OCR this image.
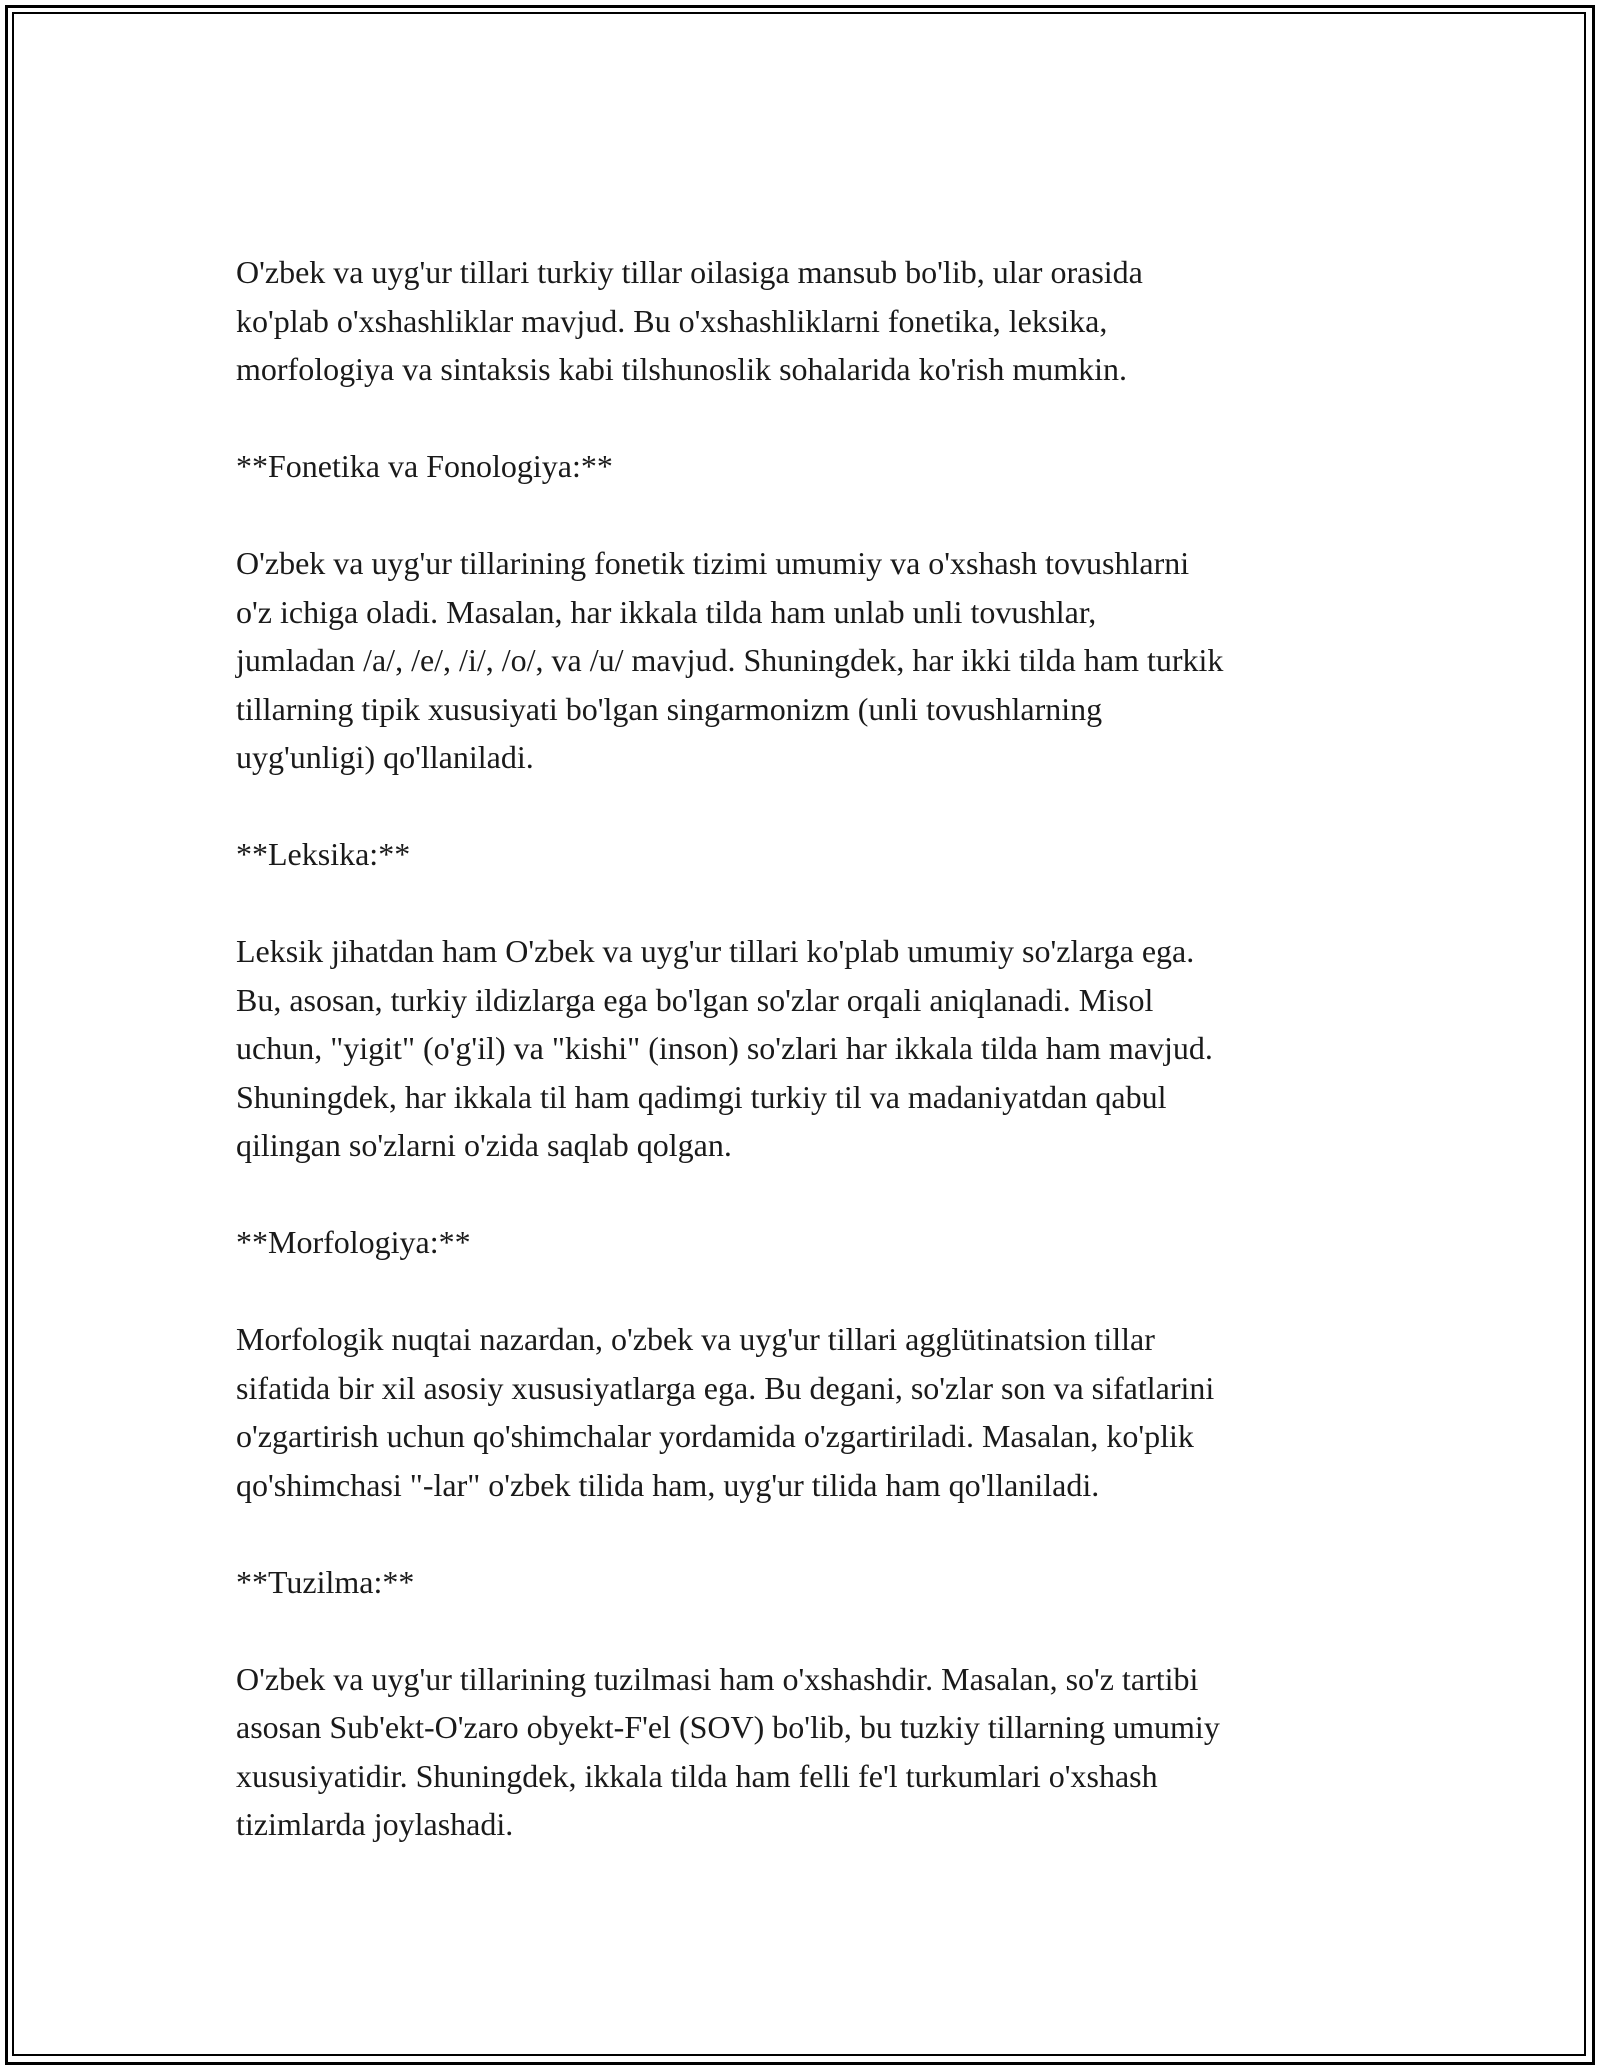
O'zbek va uyg'ur tillari turkiy tillar oilasiga mansub bo'lib, ular orasida
ko'plab o'xshashliklar mavjud. Bu o'xshashliklarni fonetika, leksika,
morfologiya va sintaksis kabi tilshunoslik sohalarida ko'rish mumkin.
**Fonetika va Fonologiya:**
O'zbek va uyg'ur tillarining fonetik tizimi umumiy va o'xshash tovushlarni
o'z ichiga oladi. Masalan, har ikkala tilda ham unlab unli tovushlar,
jumladan /a/, /e/, /i/, /o/, va /u/ mavjud. Shuningdek, har ikki tilda ham turkik
tillarning tipik xususiyati bo'lgan singarmonizm (unli tovushlarning
uyg'unligi) qo'llaniladi.
**Leksika:**
Leksik jihatdan ham O'zbek va uyg'ur tillari ko'plab umumiy so'zlarga ega.
Bu, asosan, turkiy ildizlarga ega bo'lgan so'zlar orqali aniqlanadi. Misol
uchun, "yigit" (o'g'il) va "kishi" (inson) so'zlari har ikkala tilda ham mavjud.
Shuningdek, har ikkala til ham qadimgi turkiy til va madaniyatdan qabul
qilingan so'zlarni o'zida saqlab qolgan.
**Morfologiya:**
Morfologik nuqtai nazardan, o'zbek va uyg'ur tillari agglütinatsion tillar
sifatida bir xil asosiy xususiyatlarga ega. Bu degani, so'zlar son va sifatlarini
o'zgartirish uchun qo'shimchalar yordamida o'zgartiriladi. Masalan, ko'plik
qo'shimchasi "-lar" o'zbek tilida ham, uyg'ur tilida ham qo'llaniladi.
**Tuzilma:**
O'zbek va uyg'ur tillarining tuzilmasi ham o'xshashdir. Masalan, so'z tartibi
asosan Sub'ekt-O'zaro obyekt-F'el (SOV) bo'lib, bu tuzkiy tillarning umumiy
xususiyatidir. Shuningdek, ikkala tilda ham felli fe'l turkumlari o'xshash
tizimlarda joylashadi.
